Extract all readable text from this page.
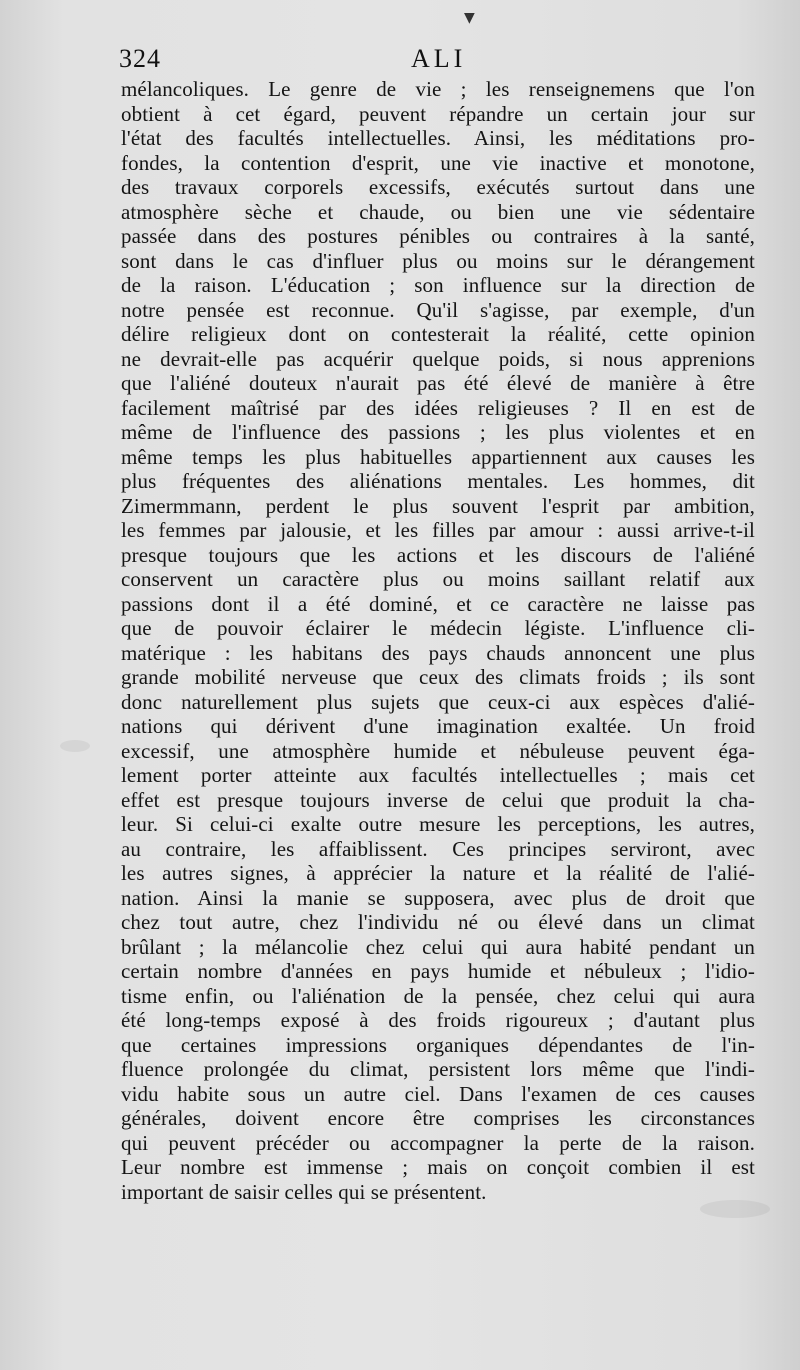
▼
324	ALI
mélancoliques. Le genre de vie ; les renseignemens que l'on
obtient à cet égard, peuvent répandre un certain jour sur
l'état des facultés intellectuelles. Ainsi, les méditations pro-
fondes, la contention d'esprit, une vie inactive et monotone,
des travaux corporels excessifs, exécutés surtout dans une
atmosphère sèche et chaude, ou bien une vie sédentaire
passée dans des postures pénibles ou contraires à la santé,
sont dans le cas d'influer plus ou moins sur le dérangement
de la raison. L'éducation ; son influence sur la direction de
notre pensée est reconnue. Qu'il s'agisse, par exemple, d'un
délire religieux dont on contesterait la réalité, cette opinion
ne devrait-elle pas acquérir quelque poids, si nous apprenions
que l'aliéné douteux n'aurait pas été élevé de manière à être
facilement maîtrisé par des idées religieuses ? Il en est de
même de l'influence des passions ; les plus violentes et en
même temps les plus habituelles appartiennent aux causes les
plus fréquentes des aliénations mentales. Les hommes, dit
Zimermmann, perdent le plus souvent l'esprit par ambition,
les femmes par jalousie, et les filles par amour : aussi arrive-t-il
presque toujours que les actions et les discours de l'aliéné
conservent un caractère plus ou moins saillant relatif aux
passions dont il a été dominé, et ce caractère ne laisse pas
que de pouvoir éclairer le médecin légiste. L'influence cli-
matérique : les habitans des pays chauds annoncent une plus
grande mobilité nerveuse que ceux des climats froids ; ils sont
donc naturellement plus sujets que ceux-ci aux espèces d'alié-
nations qui dérivent d'une imagination exaltée. Un froid
excessif, une atmosphère humide et nébuleuse peuvent éga-
lement porter atteinte aux facultés intellectuelles ; mais cet
effet est presque toujours inverse de celui que produit la cha-
leur. Si celui-ci exalte outre mesure les perceptions, les autres,
au contraire, les affaiblissent. Ces principes serviront, avec
les autres signes, à apprécier la nature et la réalité de l'alié-
nation. Ainsi la manie se supposera, avec plus de droit que
chez tout autre, chez l'individu né ou élevé dans un climat
brûlant ; la mélancolie chez celui qui aura habité pendant un
certain nombre d'années en pays humide et nébuleux ; l'idio-
tisme enfin, ou l'aliénation de la pensée, chez celui qui aura
été long-temps exposé à des froids rigoureux ; d'autant plus
que certaines impressions organiques dépendantes de l'in-
fluence prolongée du climat, persistent lors même que l'indi-
vidu habite sous un autre ciel. Dans l'examen de ces causes
générales, doivent encore être comprises les circonstances
qui peuvent précéder ou accompagner la perte de la raison.
Leur nombre est immense ; mais on conçoit combien il est
important de saisir celles qui se présentent.
